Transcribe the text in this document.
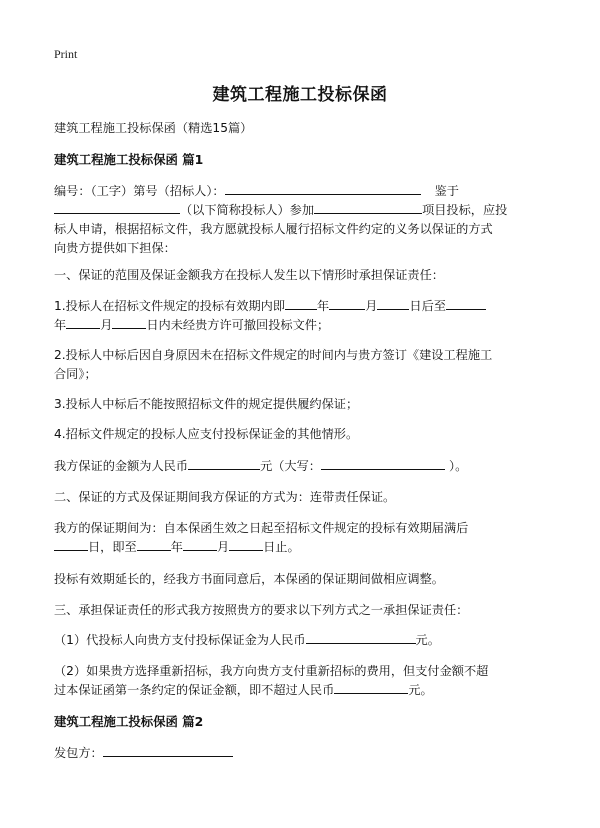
Print
建筑工程施工投标保函
建筑工程施工投标保函（精选15篇）
建筑工程施工投标保函 篇1
编号：（工字）第号（招标人）：	鉴于
（以下简称投标人）参加	项目投标，应投
标人申请，根据招标文件，我方愿就投标人履行招标文件约定的义务以保证的方式
向贵方提供如下担保：
一、保证的范围及保证金额我方在投标人发生以下情形时承担保证责任：
1.投标人在招标文件规定的投标有效期内即	年	月	日后至
年	月	日内未经贵方许可撤回投标文件；
2.投标人中标后因自身原因未在招标文件规定的时间内与贵方签订《建设工程施工
合同》；
3.投标人中标后不能按照招标文件的规定提供履约保证；
4.招标文件规定的投标人应支付投标保证金的其他情形。
我方保证的金额为人民币	元（大写：	）。
二、保证的方式及保证期间我方保证的方式为：连带责任保证。
我方的保证期间为：自本保函生效之日起至招标文件规定的投标有效期届满后
日，即至	年	月	日止。
投标有效期延长的，经我方书面同意后，本保函的保证期间做相应调整。
三、承担保证责任的形式我方按照贵方的要求以下列方式之一承担保证责任：
（1）代投标人向贵方支付投标保证金为人民币	元。
（2）如果贵方选择重新招标，我方向贵方支付重新招标的费用，但支付金额不超
过本保证函第一条约定的保证金额，即不超过人民币	元。
建筑工程施工投标保函 篇2
发包方：
